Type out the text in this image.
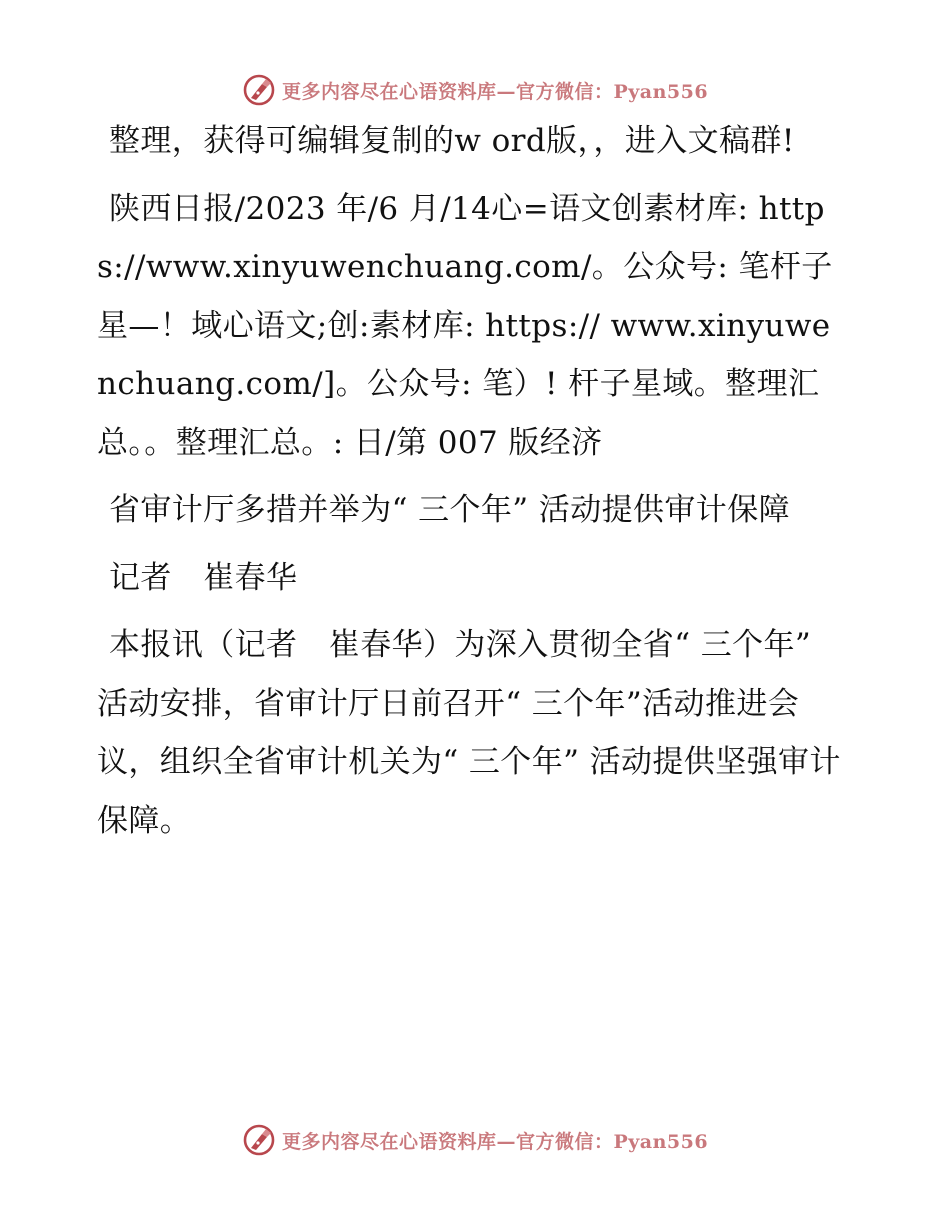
更多内容尽在心语资料库—官方微信：Pyan556

整理，获得可编辑复制的w ord版，，进入文稿群!

陕西日报/2023 年/6 月/14心=语文创素材库: https://www.xinyuwenchuang.com/。公众号: 笔杆子星—！域心语文;创:素材库: https:// www.xinyuwenchuang.com/]。公众号: 笔）! 杆子星域。整理汇总。。整理汇总。: 日/第 007 版经济

省审计厅多措并举为“ 三个年” 活动提供审计保障

记者　崔春华

本报讯（记者　崔春华）为深入贯彻全省“ 三个年” 活动安排，省审计厅日前召开“ 三个年”活动推进会议，组织全省审计机关为“ 三个年” 活动提供坚强审计保障。

更多内容尽在心语资料库—官方微信：Pyan556
